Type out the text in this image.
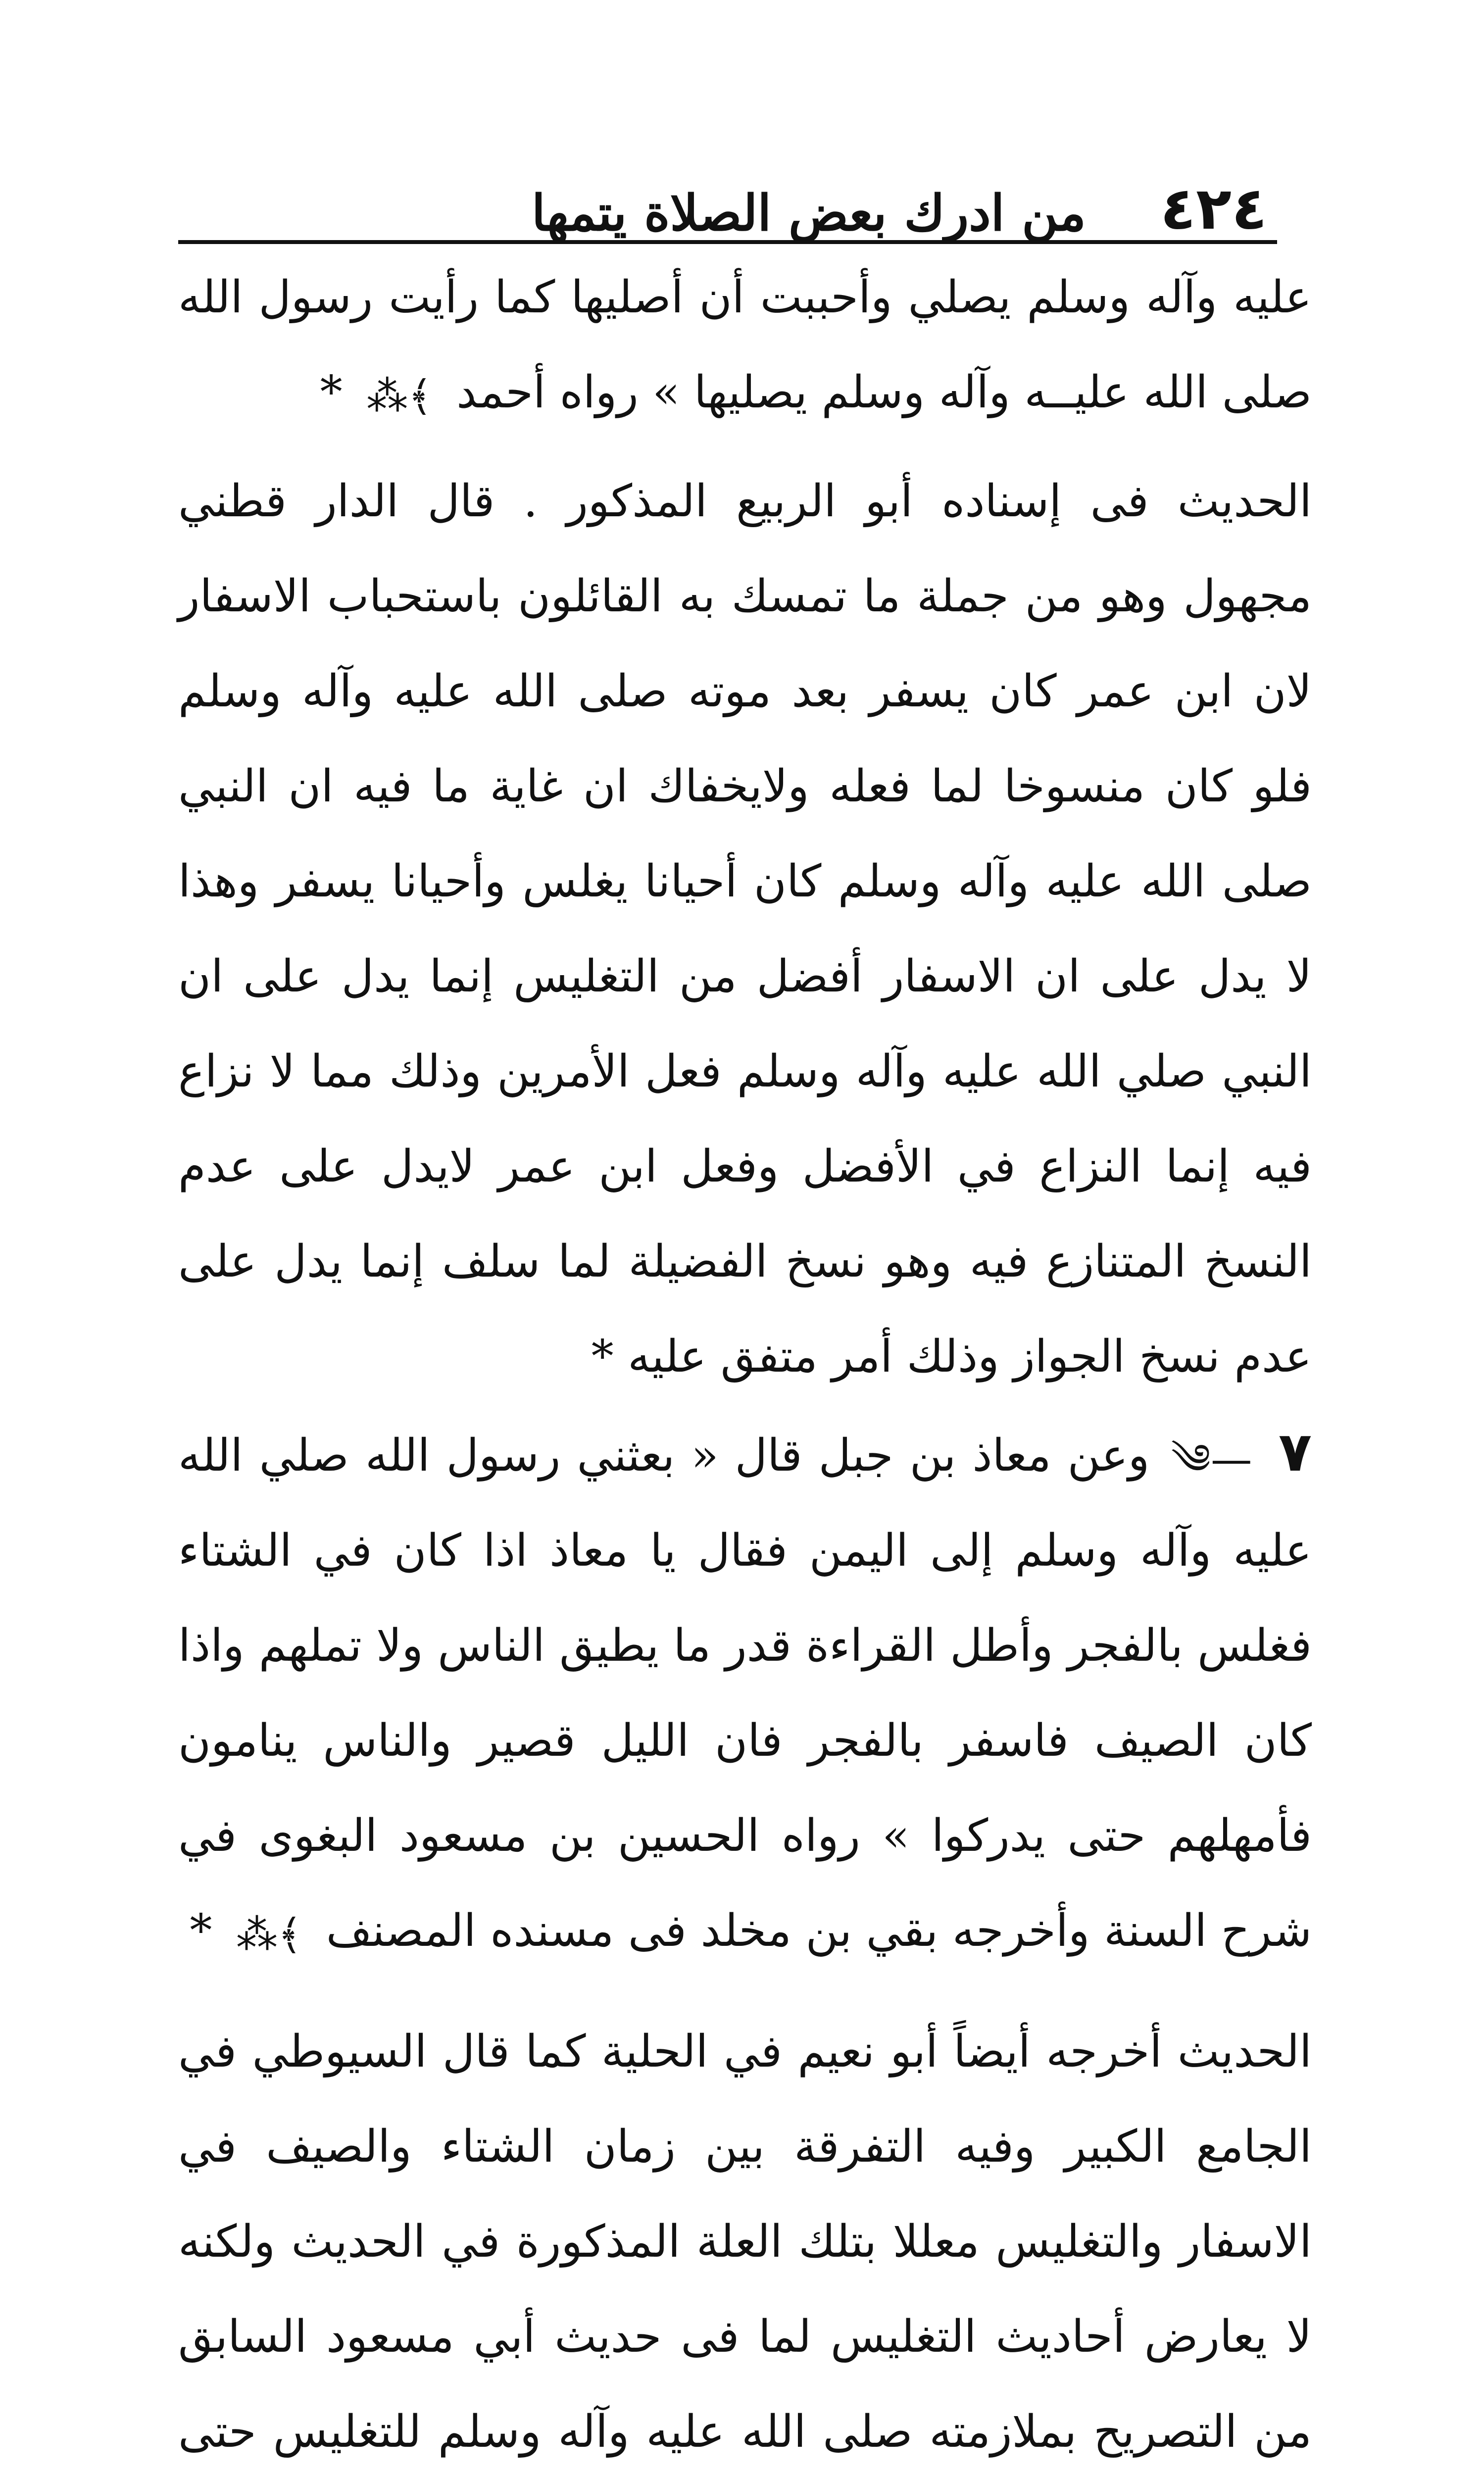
٤٢٤
من ادرك بعض الصلاة يتمها

عليه وآله وسلم يصلي وأحببت أن أصليها كما رأيت رسول الله صلى الله عليــه وآله وسلم يصليها » رواه أحمد ﴾⁂ *

الحديث فى إسناده أبو الربيع المذكور . قال الدار قطني مجهول وهو من جملة ما تمسك به القائلون باستحباب الاسفار لان ابن عمر كان يسفر بعد موته صلى الله عليه وآله وسلم فلو كان منسوخا لما فعله ولايخفاك ان غاية ما فيه ان النبي صلى الله عليه وآله وسلم كان أحيانا يغلس وأحيانا يسفر وهذا لا يدل على ان الاسفار أفضل من التغليس إنما يدل على ان النبي صلي الله عليه وآله وسلم فعل الأمرين وذلك مما لا نزاع فيه إنما النزاع في الأفضل وفعل ابن عمر لايدل على عدم النسخ المتنازع فيه وهو نسخ الفضيلة لما سلف إنما يدل على عدم نسخ الجواز وذلك أمر متفق عليه *

٧ —༄ وعن معاذ بن جبل قال « بعثني رسول الله صلي الله عليه وآله وسلم إلى اليمن فقال يا معاذ اذا كان في الشتاء فغلس بالفجر وأطل القراءة قدر ما يطيق الناس ولا تملهم واذا كان الصيف فاسفر بالفجر فان الليل قصير والناس ينامون فأمهلهم حتى يدركوا » رواه الحسين بن مسعود البغوى في شرح السنة وأخرجه بقي بن مخلد فى مسنده المصنف ﴾⁂ *

الحديث أخرجه أيضاً أبو نعيم في الحلية كما قال السيوطي في الجامع الكبير وفيه التفرقة بين زمان الشتاء والصيف في الاسفار والتغليس معللا بتلك العلة المذكورة في الحديث ولكنه لا يعارض أحاديث التغليس لما فى حديث أبي مسعود السابق من التصريح بملازمته صلى الله عليه وآله وسلم للتغليس حتى
